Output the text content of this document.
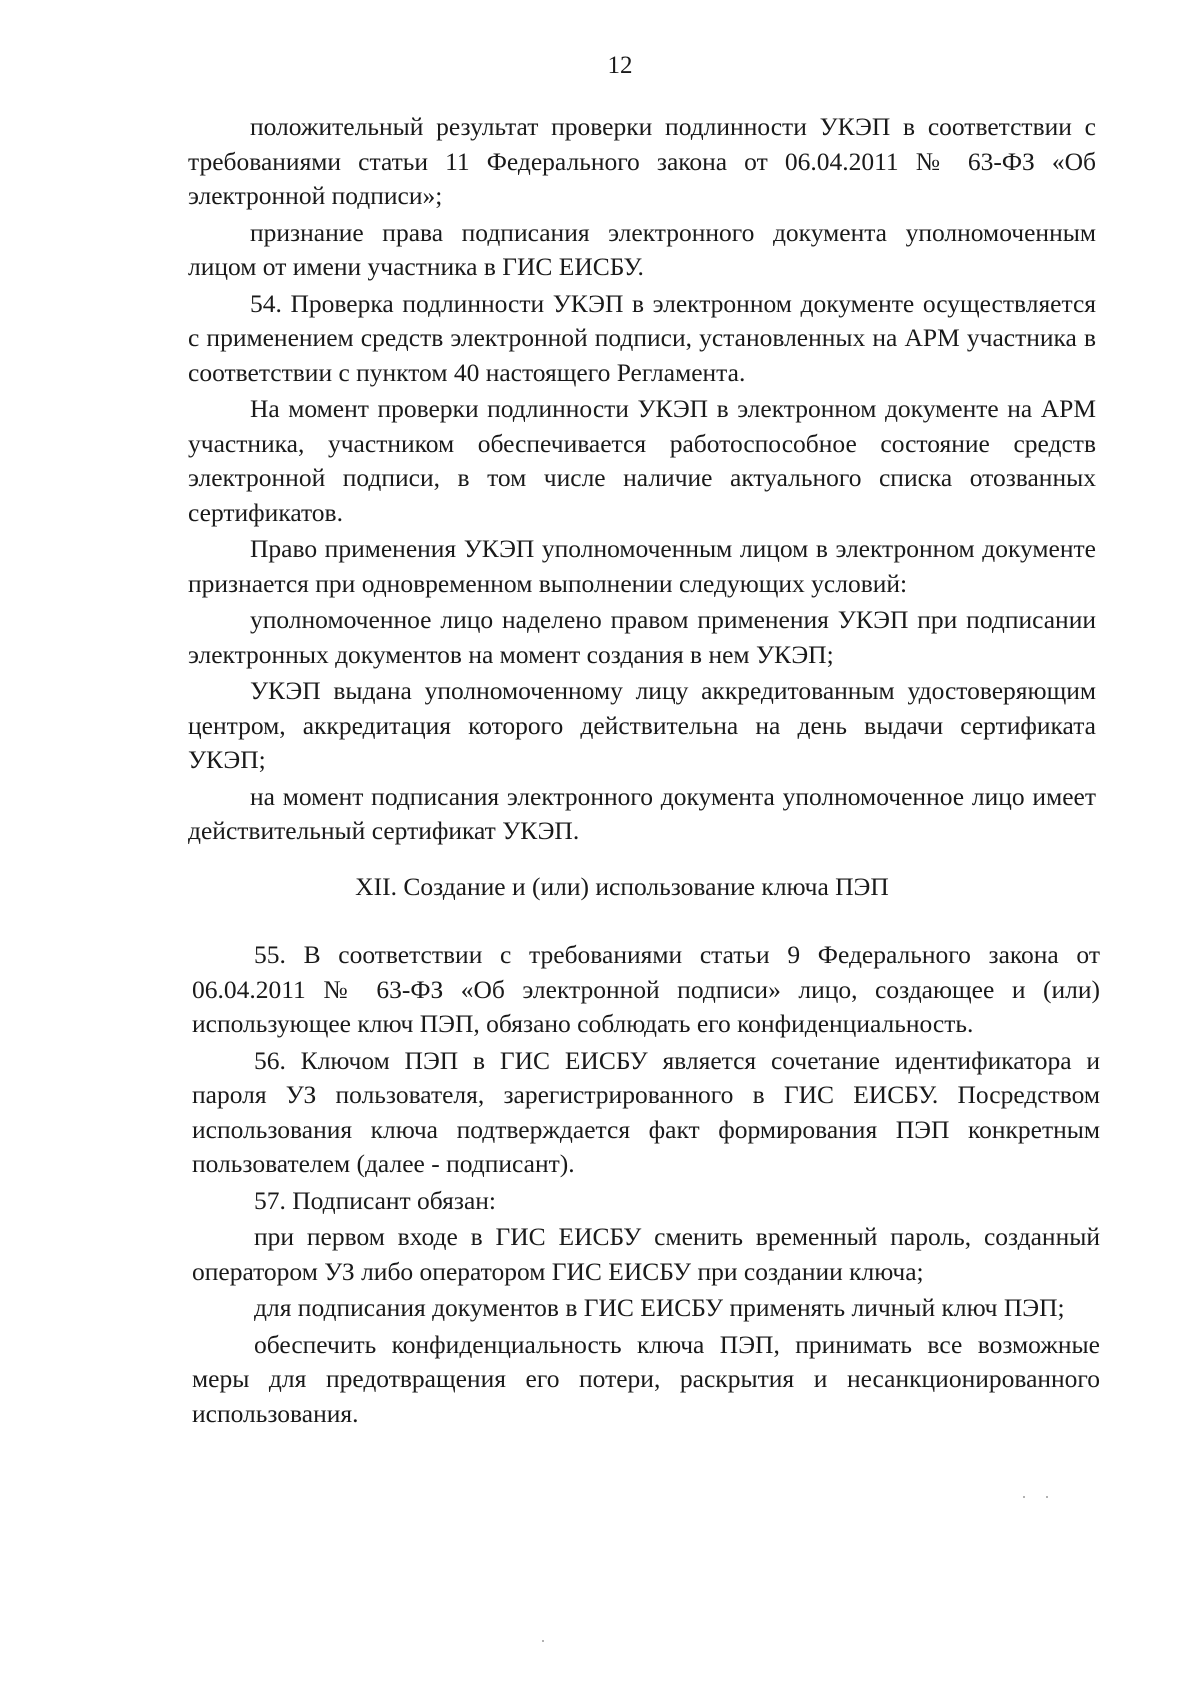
12

положительный результат проверки подлинности УКЭП в соответствии с требованиями статьи 11 Федерального закона от 06.04.2011 № 63-ФЗ «Об электронной подписи»;

признание права подписания электронного документа уполномоченным лицом от имени участника в ГИС ЕИСБУ.

54. Проверка подлинности УКЭП в электронном документе осуществляется с применением средств электронной подписи, установленных на АРМ участника в соответствии с пунктом 40 настоящего Регламента.

На момент проверки подлинности УКЭП в электронном документе на АРМ участника, участником обеспечивается работоспособное состояние средств электронной подписи, в том числе наличие актуального списка отозванных сертификатов.

Право применения УКЭП уполномоченным лицом в электронном документе признается при одновременном выполнении следующих условий:

уполномоченное лицо наделено правом применения УКЭП при подписании электронных документов на момент создания в нем УКЭП;

УКЭП выдана уполномоченному лицу аккредитованным удостоверяющим центром, аккредитация которого действительна на день выдачи сертификата УКЭП;

на момент подписания электронного документа уполномоченное лицо имеет действительный сертификат УКЭП.

XII. Создание и (или) использование ключа ПЭП

55. В соответствии с требованиями статьи 9 Федерального закона от 06.04.2011 № 63-ФЗ «Об электронной подписи» лицо, создающее и (или) использующее ключ ПЭП, обязано соблюдать его конфиденциальность.

56. Ключом ПЭП в ГИС ЕИСБУ является сочетание идентификатора и пароля УЗ пользователя, зарегистрированного в ГИС ЕИСБУ. Посредством использования ключа подтверждается факт формирования ПЭП конкретным пользователем (далее - подписант).

57. Подписант обязан:

при первом входе в ГИС ЕИСБУ сменить временный пароль, созданный оператором УЗ либо оператором ГИС ЕИСБУ при создании ключа;

для подписания документов в ГИС ЕИСБУ применять личный ключ ПЭП;

обеспечить конфиденциальность ключа ПЭП, принимать все возможные меры для предотвращения его потери, раскрытия и несанкционированного использования.
